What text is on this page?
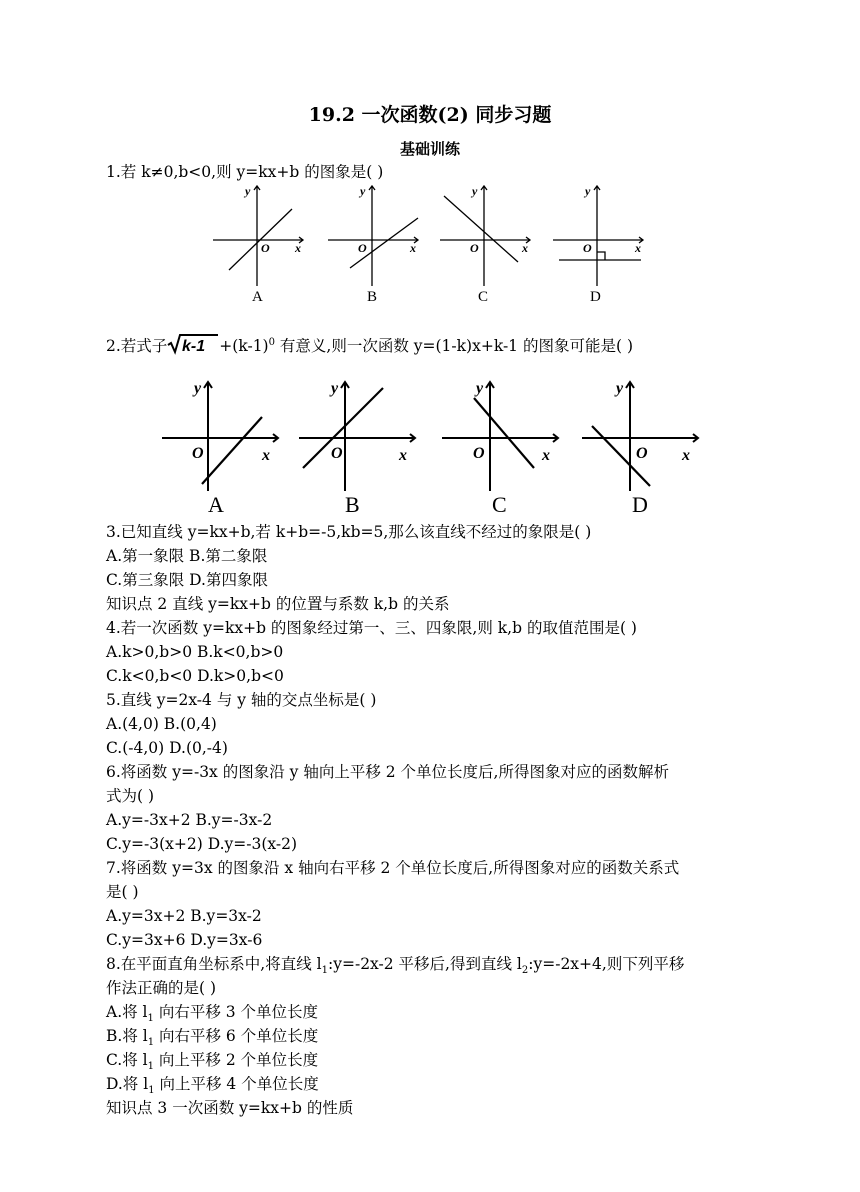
19.2 一次函数(2) 同步习题
基础训练
1.若 k≠0,b<0,则 y=kx+b 的图象是( )
y
x
O
A
y
x
O
B
y
x
O
C
y
x
O
D
2.若式子 $k-1 +(k-1)^0$ 有意义,则一次函数 y=(1-k)x+k-1 的图象可能是( )
y
x
O
A
y
x
O
B
y
x
O
C
y
x
O
D
3.已知直线 y=kx+b,若 k+b=-5,kb=5,那么该直线不经过的象限是( )
A.第一象限 B.第二象限
C.第三象限 D.第四象限
知识点 2 直线 y=kx+b 的位置与系数 k,b 的关系
4.若一次函数 y=kx+b 的图象经过第一、三、四象限,则 k,b 的取值范围是( )
A.k>0,b>0 B.k<0,b>0
C.k<0,b<0 D.k>0,b<0
5.直线 y=2x-4 与 y 轴的交点坐标是( )
A.(4,0) B.(0,4)
C.(-4,0) D.(0,-4)
6.将函数 y=-3x 的图象沿 y 轴向上平移 2 个单位长度后,所得图象对应的函数解析
式为( )
A.y=-3x+2 B.y=-3x-2
C.y=-3(x+2) D.y=-3(x-2)
7.将函数 y=3x 的图象沿 x 轴向右平移 2 个单位长度后,所得图象对应的函数关系式
是( )
A.y=3x+2 B.y=3x-2
C.y=3x+6 D.y=3x-6
8.在平面直角坐标系中,将直线 $l_1:y=-2x-2$ 平移后,得到直线 $l_2:y=-2x+4$,则下列平移
作法正确的是( )
A.将 $l_1$ 向右平移 3 个单位长度
B.将 $l_1$ 向右平移 6 个单位长度
C.将 $l_1$ 向上平移 2 个单位长度
D.将 $l_1$ 向上平移 4 个单位长度
知识点 3 一次函数 y=kx+b 的性质
